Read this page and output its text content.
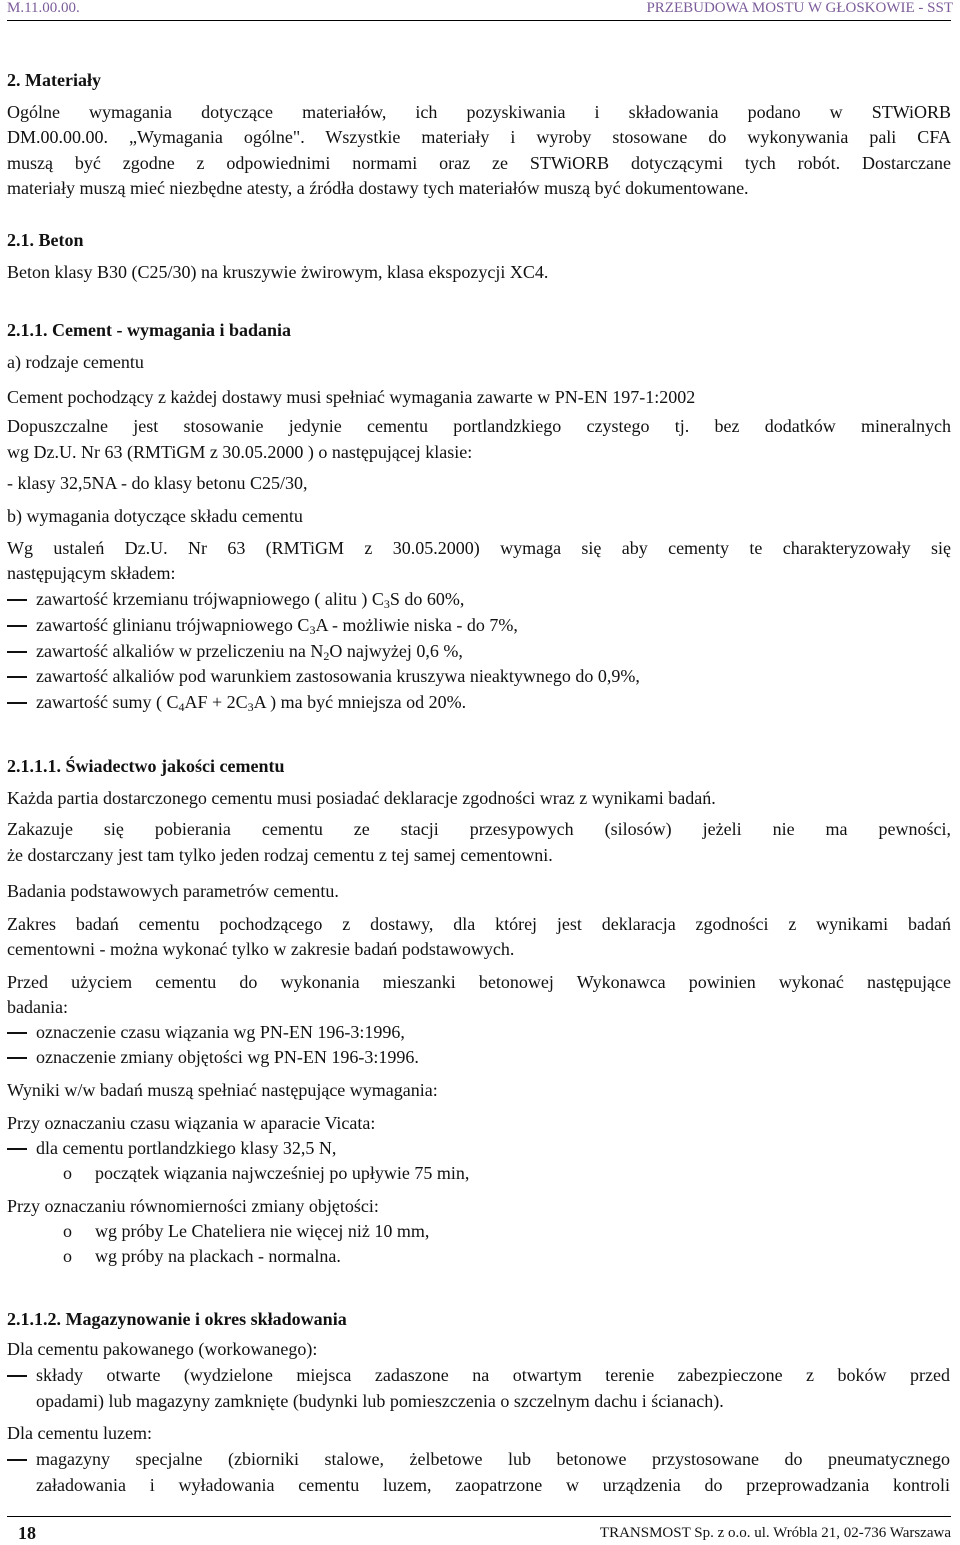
M.11.00.00.	PRZEBUDOWA MOSTU W GŁOSKOWIE - SST
2. Materiały
Ogólne wymagania dotyczące materiałów, ich pozyskiwania i składowania podano w STWiORB
DM.00.00.00. „Wymagania ogólne". Wszystkie materiały i wyroby stosowane do wykonywania pali CFA
muszą być zgodne z odpowiednimi normami oraz ze STWiORB dotyczącymi tych robót. Dostarczane
materiały muszą mieć niezbędne atesty, a źródła dostawy tych materiałów muszą być dokumentowane.
2.1. Beton
Beton klasy B30 (C25/30) na kruszywie żwirowym, klasa ekspozycji XC4.
2.1.1. Cement - wymagania i badania
a) rodzaje cementu
Cement pochodzący z każdej dostawy musi spełniać wymagania zawarte w PN-EN 197-1:2002
Dopuszczalne jest stosowanie jedynie cementu portlandzkiego czystego tj. bez dodatków mineralnych
wg Dz.U. Nr 63 (RMTiGM z 30.05.2000 ) o następującej klasie:
- klasy 32,5NA - do klasy betonu C25/30,
b) wymagania dotyczące składu cementu
Wg ustaleń Dz.U. Nr 63 (RMTiGM z 30.05.2000) wymaga się aby cementy te charakteryzowały się
następującym składem:
zawartość krzemianu trójwapniowego ( alitu ) $C_3S$ do 60%,
zawartość glinianu trójwapniowego $C_3A$ - możliwie niska - do 7%,
zawartość alkaliów w przeliczeniu na $N_2O$ najwyżej 0,6 %,
zawartość alkaliów pod warunkiem zastosowania kruszywa nieaktywnego do 0,9%,
zawartość sumy ( $C_4AF + 2C_3A$ ) ma być mniejsza od 20%.
2.1.1.1. Świadectwo jakości cementu
Każda partia dostarczonego cementu musi posiadać deklaracje zgodności wraz z wynikami badań.
Zakazuje się pobierania cementu ze stacji przesypowych (silosów) jeżeli nie ma pewności,
że dostarczany jest tam tylko jeden rodzaj cementu z tej samej cementowni.
Badania podstawowych parametrów cementu.
Zakres badań cementu pochodzącego z dostawy, dla której jest deklaracja zgodności z wynikami badań
cementowni - można wykonać tylko w zakresie badań podstawowych.
Przed użyciem cementu do wykonania mieszanki betonowej Wykonawca powinien wykonać następujące
badania:
oznaczenie czasu wiązania wg PN-EN 196-3:1996,
oznaczenie zmiany objętości wg PN-EN 196-3:1996.
Wyniki w/w badań muszą spełniać następujące wymagania:
Przy oznaczaniu czasu wiązania w aparacie Vicata:
dla cementu portlandzkiego klasy 32,5 N,
o początek wiązania najwcześniej po upływie 75 min,
Przy oznaczaniu równomierności zmiany objętości:
o wg próby Le Chateliera nie więcej niż 10 mm,
o wg próby na plackach - normalna.
2.1.1.2. Magazynowanie i okres składowania
Dla cementu pakowanego (workowanego):
składy otwarte (wydzielone miejsca zadaszone na otwartym terenie zabezpieczone z boków przed
opadami) lub magazyny zamknięte (budynki lub pomieszczenia o szczelnym dachu i ścianach).
Dla cementu luzem:
magazyny specjalne (zbiorniki stalowe, żelbetowe lub betonowe przystosowane do pneumatycznego
załadowania i wyładowania cementu luzem, zaopatrzone w urządzenia do przeprowadzania kontroli
18	TRANSMOST Sp. z o.o. ul. Wróbla 21, 02-736 Warszawa
